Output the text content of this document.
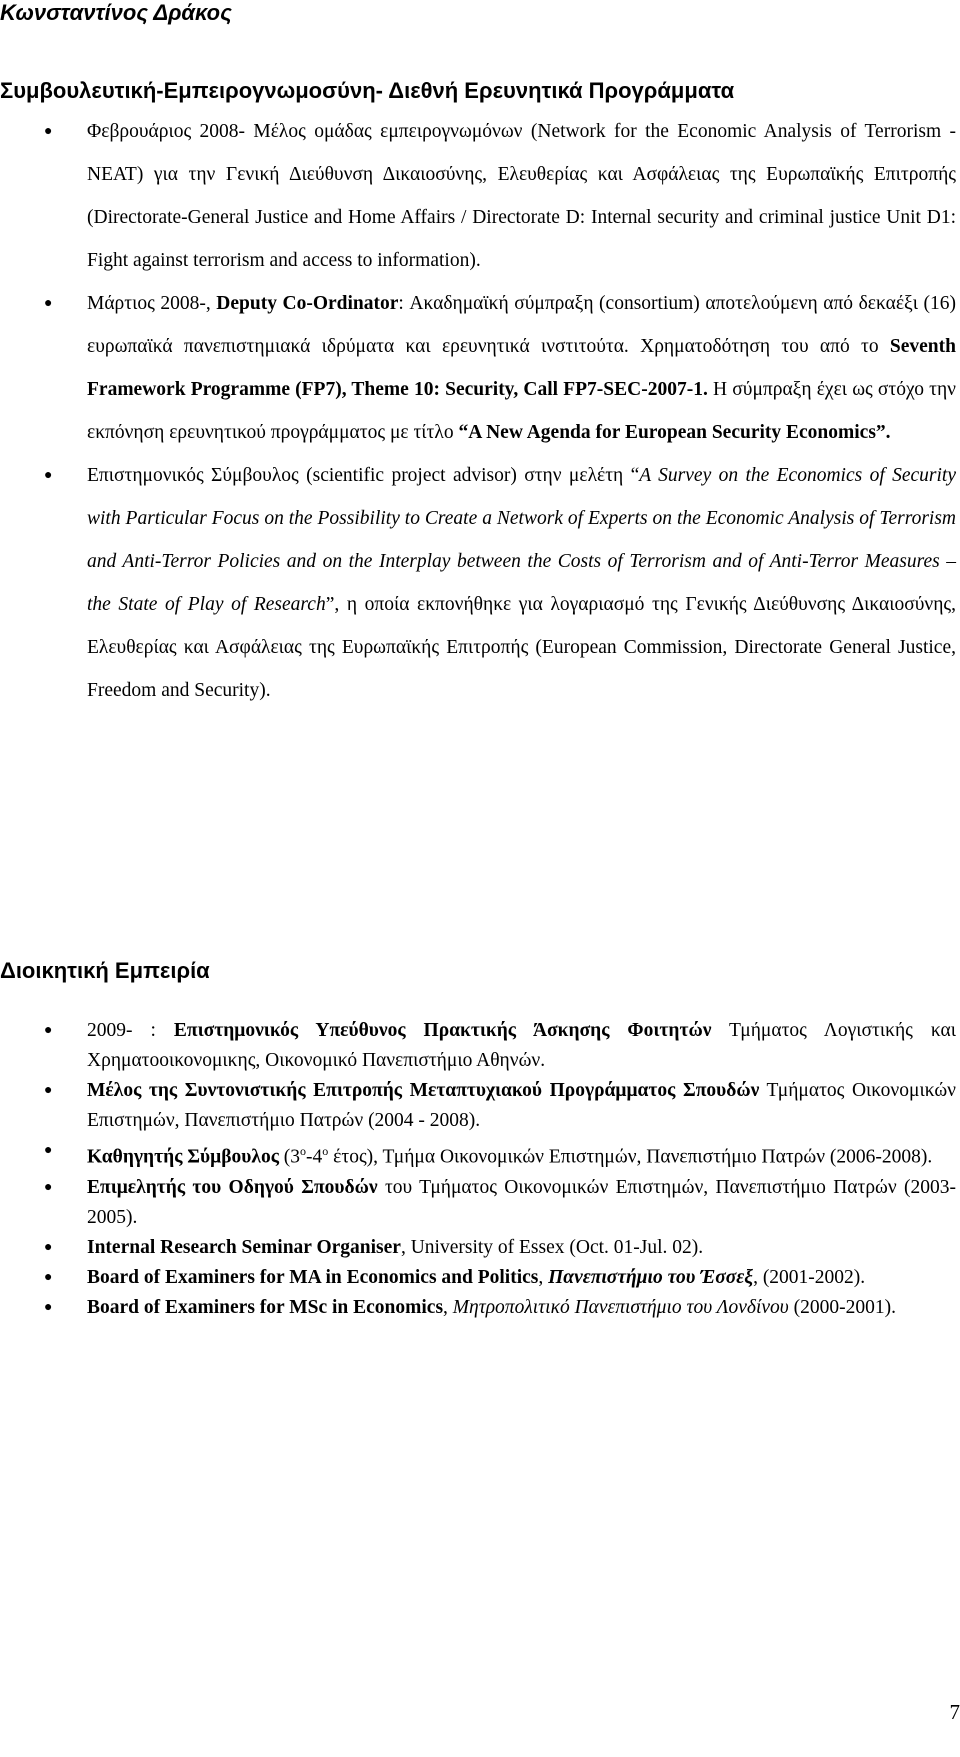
Κωνσταντίνος Δράκος
Συμβουλευτική-Εμπειρογνωμοσύνη- Διεθνή Ερευνητικά Προγράμματα
● Φεβρουάριος 2008- Μέλος ομάδας εμπειρογνωμόνων (Network for the Economic Analysis of Terrorism - NEAT) για την Γενική Διεύθυνση Δικαιοσύνης, Ελευθερίας και Ασφάλειας της Ευρωπαϊκής Επιτροπής (Directorate-General Justice and Home Affairs / Directorate D: Internal security and criminal justice Unit D1: Fight against terrorism and access to information).
● Μάρτιος 2008-, Deputy Co-Ordinator: Ακαδημαϊκή σύμπραξη (consortium) αποτελούμενη από δεκαέξι (16) ευρωπαϊκά πανεπιστημιακά ιδρύματα και ερευνητικά ινστιτούτα. Χρηματοδότηση του από το Seventh Framework Programme (FP7), Theme 10: Security, Call FP7-SEC-2007-1. Η σύμπραξη έχει ως στόχο την εκπόνηση ερευνητικού προγράμματος με τίτλο “A New Agenda for European Security Economics”.
● Επιστημονικός Σύμβουλος (scientific project advisor) στην μελέτη “A Survey on the Economics of Security with Particular Focus on the Possibility to Create a Network of Experts on the Economic Analysis of Terrorism and Anti-Terror Policies and on the Interplay between the Costs of Terrorism and of Anti-Terror Measures – the State of Play of Research”, η οποία εκπονήθηκε για λογαριασμό της Γενικής Διεύθυνσης Δικαιοσύνης, Ελευθερίας και Ασφάλειας της Ευρωπαϊκής Επιτροπής (European Commission, Directorate General Justice, Freedom and Security).
Διοικητική Εμπειρία
● 2009- : Επιστημονικός Υπεύθυνος Πρακτικής Άσκησης Φοιτητών Τμήματος Λογιστικής και Χρηματοοικονομικης, Οικονομικό Πανεπιστήμιο Αθηνών.
● Μέλος της Συντονιστικής Επιτροπής Μεταπτυχιακού Προγράμματος Σπουδών Τμήματος Οικονομικών Επιστημών, Πανεπιστήμιο Πατρών (2004 - 2008).
● Καθηγητής Σύμβουλος ($3^o-4^o$ έτος), Τμήμα Οικονομικών Επιστημών, Πανεπιστήμιο Πατρών (2006-2008).
● Επιμελητής του Οδηγού Σπουδών του Τμήματος Οικονομικών Επιστημών, Πανεπιστήμιο Πατρών (2003-2005).
● Internal Research Seminar Organiser, University of Essex (Oct. 01-Jul. 02).
● Board of Examiners for MA in Economics and Politics, Πανεπιστήμιο του Έσσεξ, (2001-2002).
● Board of Examiners for MSc in Economics, Μητροπολιτικό Πανεπιστήμιο του Λονδίνου (2000-2001).
7
